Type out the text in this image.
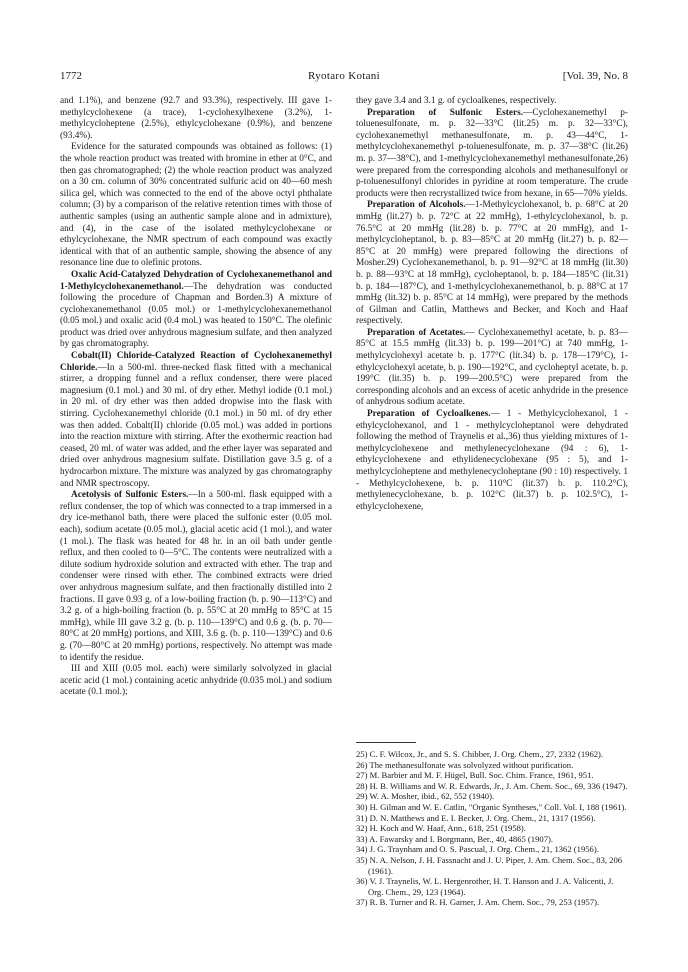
1772	Ryotaro Kotani	[Vol. 39, No. 8

and 1.1%), and benzene (92.7 and 93.3%), respectively. III gave 1-methylcyclohexene (a trace), 1-cyclohexylhexene (3.2%), 1-methylcycloheptene (2.5%), ethylcyclohexane (0.9%), and benzene (93.4%).

Evidence for the saturated compounds was obtained as follows: (1) the whole reaction product was treated with bromine in ether at 0°C, and then gas chromatographed; (2) the whole reaction product was analyzed on a 30 cm. column of 30% concentrated sulfuric acid on 40—60 mesh silica gel, which was connected to the end of the above octyl phthalate column; (3) by a comparison of the relative retention times with those of authentic samples (using an authentic sample alone and in admixture), and (4), in the case of the isolated methylcyclohexane or ethylcyclohexane, the NMR spectrum of each compound was exactly identical with that of an authentic sample, showing the absence of any resonance line due to olefinic protons.

Oxalic Acid-Catalyzed Dehydration of Cyclohexanemethanol and 1-Methylcyclohexanemethanol.—The dehydration was conducted following the procedure of Chapman and Borden.3) A mixture of cyclohexanemethanol (0.05 mol.) or 1-methylcyclohexanemethanol (0.05 mol.) and oxalic acid (0.4 mol.) was heated to 150°C. The olefinic product was dried over anhydrous magnesium sulfate, and then analyzed by gas chromatography.

Cobalt(II) Chloride-Catalyzed Reaction of Cyclohexanemethyl Chloride.—In a 500-ml. three-necked flask fitted with a mechanical stirrer, a dropping funnel and a reflux condenser, there were placed magnesium (0.1 mol.) and 30 ml. of dry ether. Methyl iodide (0.1 mol.) in 20 ml. of dry ether was then added dropwise into the flask with stirring. Cyclohexanemethyl chloride (0.1 mol.) in 50 ml. of dry ether was then added. Cobalt(II) chloride (0.05 mol.) was added in portions into the reaction mixture with stirring. After the exothermic reaction had ceased, 20 ml. of water was added, and the ether layer was separated and dried over anhydrous magnesium sulfate. Distillation gave 3.5 g. of a hydrocarbon mixture. The mixture was analyzed by gas chromatography and NMR spectroscopy.

Acetolysis of Sulfonic Esters.—In a 500-ml. flask equipped with a reflux condenser, the top of which was connected to a trap immersed in a dry ice-methanol bath, there were placed the sulfonic ester (0.05 mol. each), sodium acetate (0.05 mol.), glacial acetic acid (1 mol.), and water (1 mol.). The flask was heated for 48 hr. in an oil bath under gentle reflux, and then cooled to 0—5°C. The contents were neutralized with a dilute sodium hydroxide solution and extracted with ether. The trap and condenser were rinsed with ether. The combined extracts were dried over anhydrous magnesium sulfate, and then fractionally distilled into 2 fractions. II gave 0.93 g. of a low-boiling fraction (b. p. 90—113°C) and 3.2 g. of a high-boiling fraction (b. p. 55°C at 20 mmHg to 85°C at 15 mmHg), while III gave 3.2 g. (b. p. 110—139°C) and 0.6 g. (b. p. 70—80°C at 20 mmHg) portions, and XIII, 3.6 g. (b. p. 110—139°C) and 0.6 g. (70—80°C at 20 mmHg) portions, respectively. No attempt was made to identify the residue.

III and XIII (0.05 mol. each) were similarly solvolyzed in glacial acetic acid (1 mol.) containing acetic anhydride (0.035 mol.) and sodium acetate (0.1 mol.);

they gave 3.4 and 3.1 g. of cycloalkenes, respectively.

Preparation of Sulfonic Esters.—Cyclohexanemethyl p-toluenesulfonate, m. p. 32—33°C (lit.25) m. p. 32—33°C), cyclohexanemethyl methanesulfonate, m. p. 43—44°C, 1-methylcyclohexanemethyl p-toluenesulfonate, m. p. 37—38°C (lit.26) m. p. 37—38°C), and 1-methylcyclohexanemethyl methanesulfonate,26) were prepared from the corresponding alcohols and methanesulfonyl or p-toluenesulfonyl chlorides in pyridine at room temperature. The crude products were then recrystallized twice from hexane, in 65—70% yields.

Preparation of Alcohols.—1-Methylcyclohexanol, b. p. 68°C at 20 mmHg (lit.27) b. p. 72°C at 22 mmHg), 1-ethylcyclohexanol, b. p. 76.5°C at 20 mmHg (lit.28) b. p. 77°C at 20 mmHg), and 1-methylcycloheptanol, b. p. 83—85°C at 20 mmHg (lit.27) b. p. 82—85°C at 20 mmHg) were prepared following the directions of Mosher.29) Cyclohexanemethanol, b. p. 91—92°C at 18 mmHg (lit.30) b. p. 88—93°C at 18 mmHg), cycloheptanol, b. p. 184—185°C (lit.31) b. p. 184—187°C), and 1-methylcyclohexanemethanol, b. p. 88°C at 17 mmHg (lit.32) b. p. 85°C at 14 mmHg), were prepared by the methods of Gilman and Catlin, Matthews and Becker, and Koch and Haaf respectively.

Preparation of Acetates.— Cyclohexanemethyl acetate, b. p. 83—85°C at 15.5 mmHg (lit.33) b. p. 199—201°C) at 740 mmHg, 1-methylcyclohexyl acetate b. p. 177°C (lit.34) b. p. 178—179°C), 1-ethylcyclohexyl acetate, b. p. 190—192°C, and cycloheptyl acetate, b. p. 199°C (lit.35) b. p. 199—200.5°C) were prepared from the corresponding alcohols and an excess of acetic anhydride in the presence of anhydrous sodium acetate.

Preparation of Cycloalkenes.— 1 - Methylcyclohexanol, 1 - ethylcyclohexanol, and 1 - methylcycloheptanol were dehydrated following the method of Traynelis et al.,36) thus yielding mixtures of 1-methylcyclohexene and methylenecyclohexane (94 : 6), 1-ethylcyclohexene and ethylidenecyclohexane (95 : 5), and 1-methylcycloheptene and methylenecycloheptane (90 : 10) respectively. 1 - Methylcyclohexene, b. p. 110°C (lit.37) b. p. 110.2°C), methylenecyclohexane, b. p. 102°C (lit.37) b. p. 102.5°C), 1-ethylcyclohexene,

25) C. F. Wilcox, Jr., and S. S. Chibber, J. Org. Chem., 27, 2332 (1962).

26) The methanesulfonate was solvolyzed without purification.

27) M. Barbier and M. F. Hügel, Bull. Soc. Chim. France, 1961, 951.

28) H. B. Williams and W. R. Edwards, Jr., J. Am. Chem. Soc., 69, 336 (1947).

29) W. A. Mosher, ibid., 62, 552 (1940).

30) H. Gilman and W. E. Catlin, "Organic Syntheses," Coll. Vol. I, 188 (1961).

31) D. N. Matthews and E. I. Becker, J. Org. Chem., 21, 1317 (1956).

32) H. Koch and W. Haaf, Ann., 618, 251 (1958).

33) A. Fawarsky and I. Borgmann, Ber., 40, 4865 (1907).

34) J. G. Traynham and O. S. Pascual, J. Org. Chem., 21, 1362 (1956).

35) N. A. Nelson, J. H. Fassnacht and J. U. Piper, J. Am. Chem. Soc., 83, 206 (1961).

36) V. J. Traynelis, W. L. Hergenrother, H. T. Hanson and J. A. Valicenti, J. Org. Chem., 29, 123 (1964).

37) R. B. Turner and R. H. Garner, J. Am. Chem. Soc., 79, 253 (1957).
